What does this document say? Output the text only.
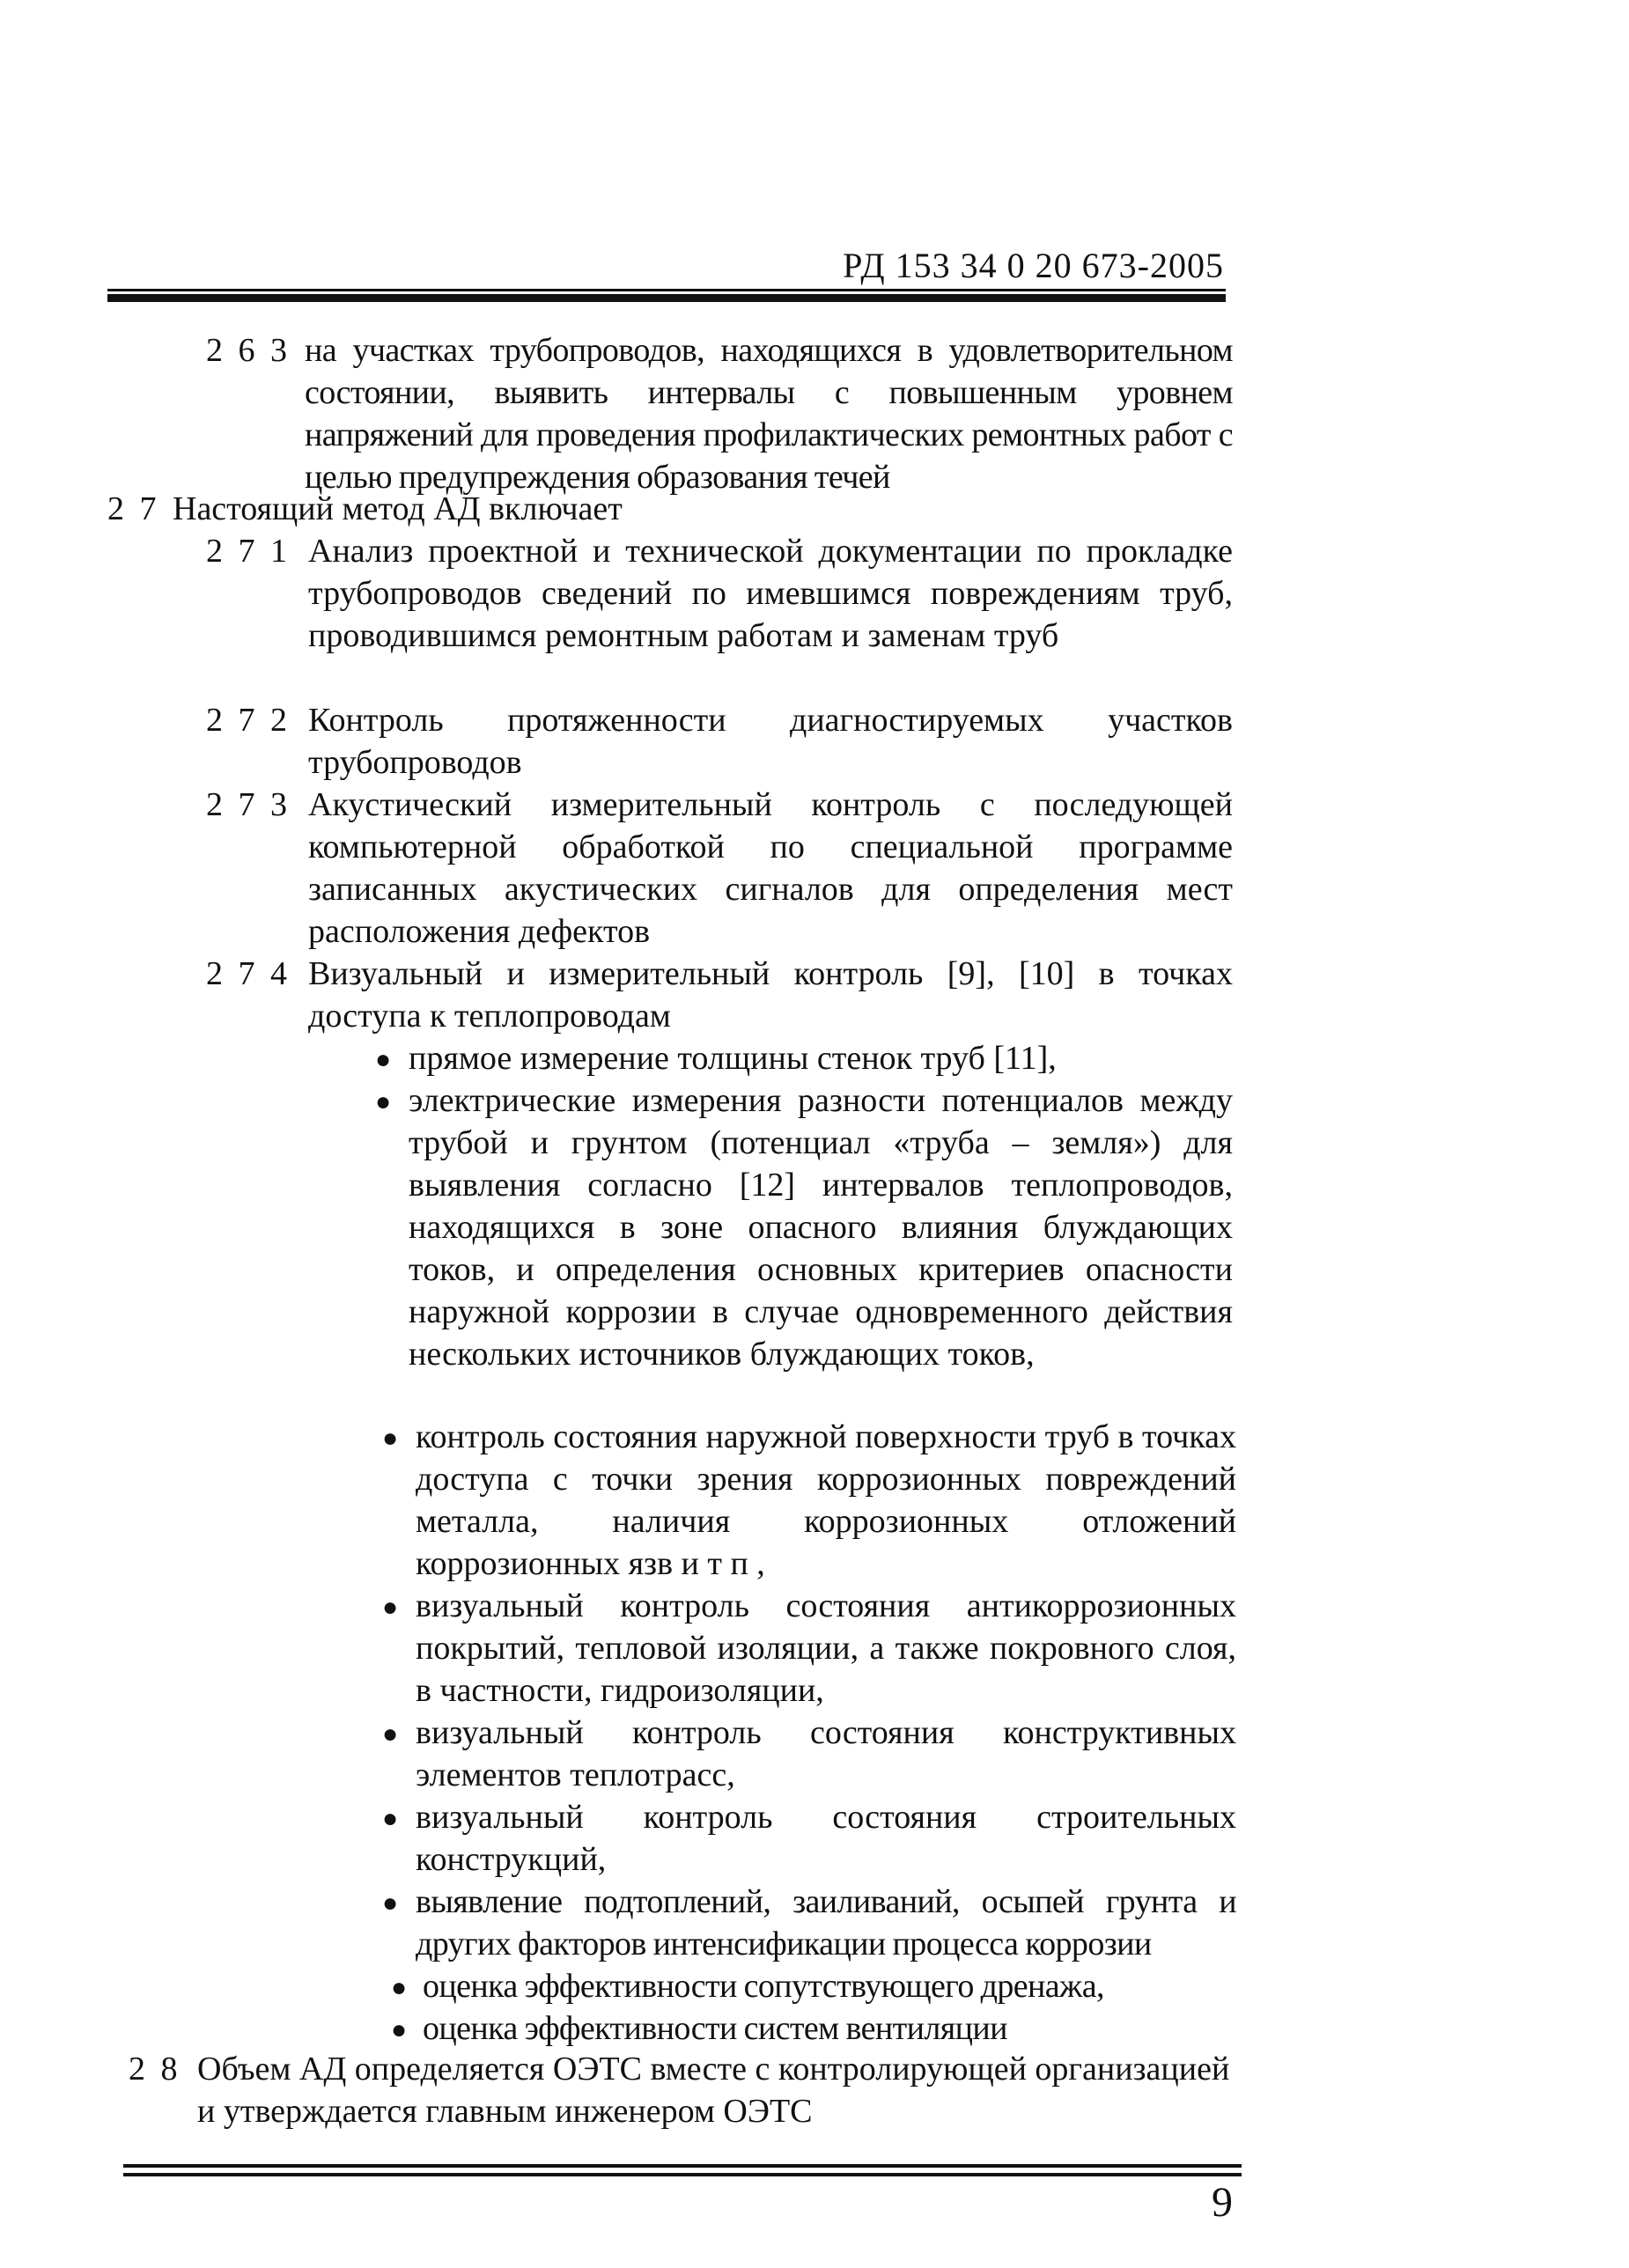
РД 153 34 0 20 673-2005
2 6 3 на участках трубопроводов, находящихся в удовлетворительном состоянии, выявить интервалы с повышенным уровнем напряжений для проведения профилактических ремонтных работ с целью предупреждения образования течей
2 7 Настоящий метод АД включает
2 7 1 Анализ проектной и технической документации по прокладке трубопроводов сведений по имевшимся повреждениям труб, проводившимся ремонтным работам и заменам труб
2 7 2 Контроль протяженности диагностируемых участков трубопроводов
2 7 3 Акустический измерительный контроль с последующей компьютерной обработкой по специальной программе записанных акустических сигналов для определения мест расположения дефектов
2 7 4 Визуальный и измерительный контроль [9], [10] в точках доступа к теплопроводам
● прямое измерение толщины стенок труб [11],
● электрические измерения разности потенциалов между трубой и грунтом (потенциал «труба – земля») для выявления согласно [12] интервалов теплопроводов, находящихся в зоне опасного влияния блуждающих токов, и определения основных критериев опасности наружной коррозии в случае одновременного действия нескольких источников блуждающих токов,
● контроль состояния наружной поверхности труб в точках доступа с точки зрения коррозионных повреждений металла, наличия коррозионных отложений коррозионных язв и т п ,
● визуальный контроль состояния антикоррозионных покрытий, тепловой изоляции, а также покровного слоя, в частности, гидроизоляции,
● визуальный контроль состояния конструктивных элементов теплотрасс,
● визуальный контроль состояния строительных конструкций,
● выявление подтоплений, заиливаний, осыпей грунта и других факторов интенсификации процесса коррозии
● оценка эффективности сопутствующего дренажа,
● оценка эффективности систем вентиляции
2 8 Объем АД определяется ОЭТС вместе с контролирующей организацией и утверждается главным инженером ОЭТС
9
